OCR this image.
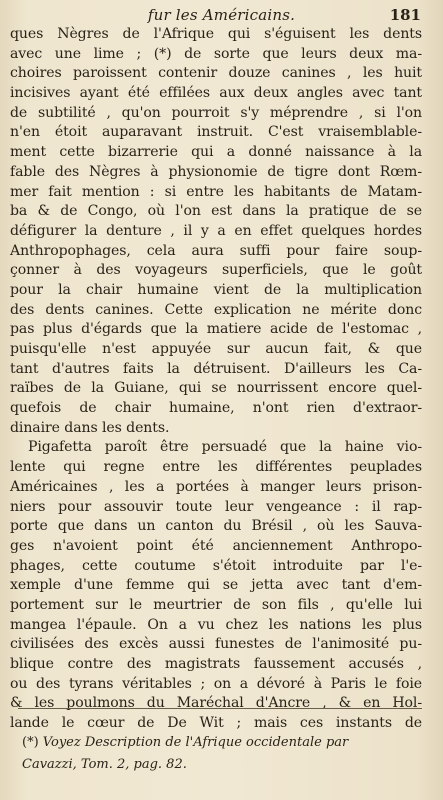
fur les Américains.	181
ques Nègres de l'Afrique qui s'éguisent les dents
avec une lime ; (*) de sorte que leurs deux ma-
choires paroissent contenir douze canines , les huit
incisives ayant été effilées aux deux angles avec tant
de subtilité , qu'on pourroit s'y méprendre , si l'on
n'en étoit auparavant instruit. C'est vraisemblable-
ment cette bizarrerie qui a donné naissance à la
fable des Nègres à physionomie de tigre dont Rœm-
mer fait mention : si entre les habitants de Matam-
ba & de Congo, où l'on est dans la pratique de se
défigurer la denture , il y a en effet quelques hordes
Anthropophages, cela aura suffi pour faire soup-
çonner à des voyageurs superficiels, que le goût
pour la chair humaine vient de la multiplication
des dents canines. Cette explication ne mérite donc
pas plus d'égards que la matiere acide de l'estomac ,
puisqu'elle n'est appuyée sur aucun fait, & que
tant d'autres faits la détruisent. D'ailleurs les Ca-
raïbes de la Guiane, qui se nourrissent encore quel-
quefois de chair humaine, n'ont rien d'extraor-
dinaire dans les dents.
Pigafetta paroît être persuadé que la haine vio-
lente qui regne entre les différentes peuplades
Américaines , les a portées à manger leurs prison-
niers pour assouvir toute leur vengeance : il rap-
porte que dans un canton du Brésil , où les Sauva-
ges n'avoient point été anciennement Anthropo-
phages, cette coutume s'étoit introduite par l'e-
xemple d'une femme qui se jetta avec tant d'em-
portement sur le meurtrier de son fils , qu'elle lui
mangea l'épaule. On a vu chez les nations les plus
civilisées des excès aussi funestes de l'animosité pu-
blique contre des magistrats faussement accusés ,
ou des tyrans véritables ; on a dévoré à Paris le foie
& les poulmons du Maréchal d'Ancre , & en Hol-
lande le cœur de De Wit ; mais ces instants de
(*) Voyez Description de l'Afrique occidentale par
Cavazzi, Tom. 2, pag. 82.
